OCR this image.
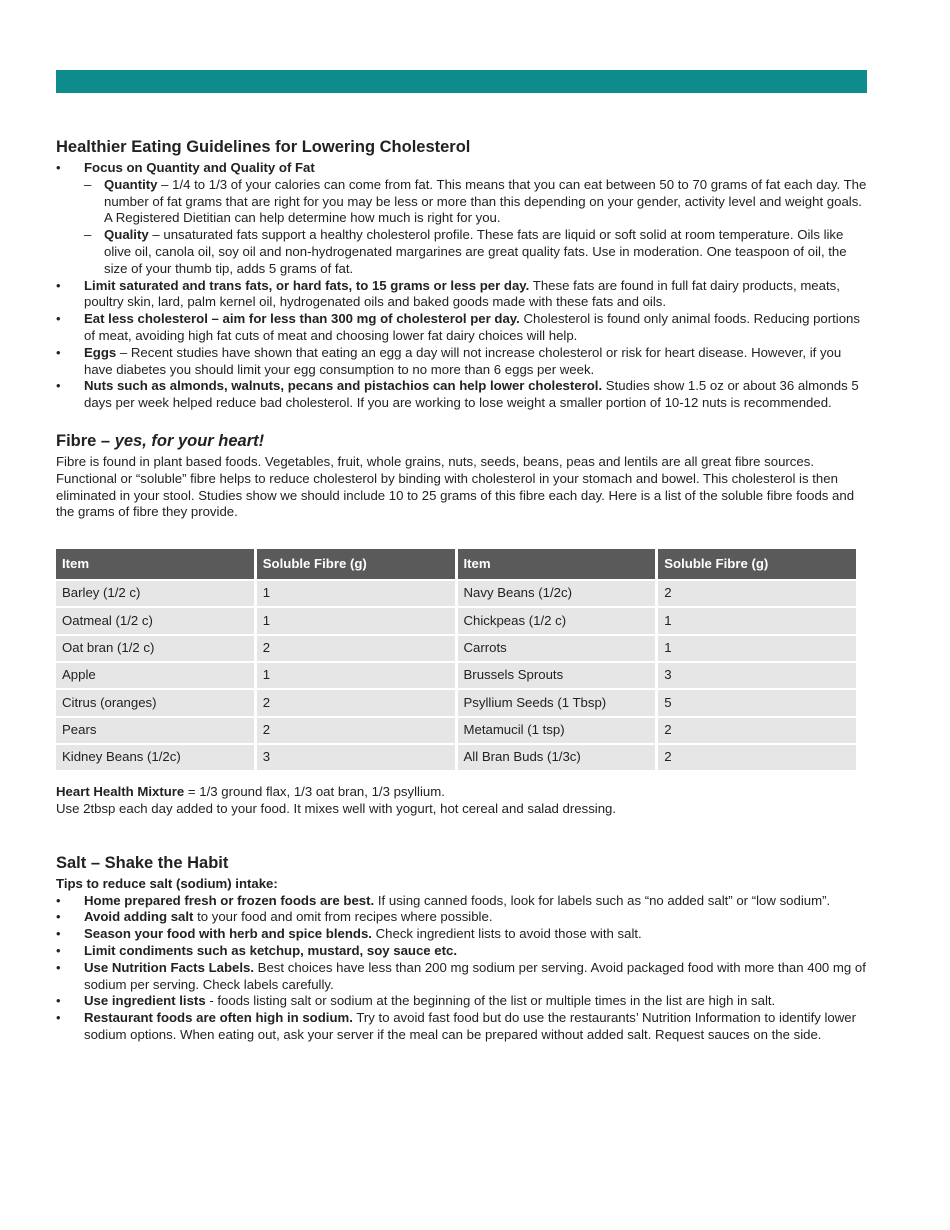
Healthier Eating Guidelines for Lowering Cholesterol
• Focus on Quantity and Quality of Fat
– Quantity – 1/4 to 1/3 of your calories can come from fat. This means that you can eat between 50 to 70 grams of fat each day. The number of fat grams that are right for you may be less or more than this depending on your gender, activity level and weight goals. A Registered Dietitian can help determine how much is right for you.
– Quality – unsaturated fats support a healthy cholesterol profile. These fats are liquid or soft solid at room temperature. Oils like olive oil, canola oil, soy oil and non-hydrogenated margarines are great quality fats. Use in moderation. One teaspoon of oil, the size of your thumb tip, adds 5 grams of fat.
• Limit saturated and trans fats, or hard fats, to 15 grams or less per day. These fats are found in full fat dairy products, meats, poultry skin, lard, palm kernel oil, hydrogenated oils and baked goods made with these fats and oils.
• Eat less cholesterol – aim for less than 300 mg of cholesterol per day. Cholesterol is found only animal foods. Reducing portions of meat, avoiding high fat cuts of meat and choosing lower fat dairy choices will help.
• Eggs – Recent studies have shown that eating an egg a day will not increase cholesterol or risk for heart disease. However, if you have diabetes you should limit your egg consumption to no more than 6 eggs per week.
• Nuts such as almonds, walnuts, pecans and pistachios can help lower cholesterol. Studies show 1.5 oz or about 36 almonds 5 days per week helped reduce bad cholesterol. If you are working to lose weight a smaller portion of 10-12 nuts is recommended.
Fibre – yes, for your heart!

Fibre is found in plant based foods. Vegetables, fruit, whole grains, nuts, seeds, beans, peas and lentils are all great fibre sources. Functional or “soluble” fibre helps to reduce cholesterol by binding with cholesterol in your stomach and bowel. This cholesterol is then eliminated in your stool. Studies show we should include 10 to 25 grams of this fibre each day. Here is a list of the soluble fibre foods and the grams of fibre they provide.

Item	Soluble Fibre (g)	Item	Soluble Fibre (g)
Barley (1/2 c)	1	Navy Beans (1/2c)	2
Oatmeal (1/2 c)	1	Chickpeas (1/2 c)	1
Oat bran (1/2 c)	2	Carrots	1
Apple	1	Brussels Sprouts	3
Citrus (oranges)	2	Psyllium Seeds (1 Tbsp)	5
Pears	2	Metamucil (1 tsp)	2
Kidney Beans (1/2c)	3	All Bran Buds (1/3c)	2

Heart Health Mixture = 1/3 ground flax, 1/3 oat bran, 1/3 psyllium.

Use 2tbsp each day added to your food. It mixes well with yogurt, hot cereal and salad dressing.

Salt – Shake the Habit

Tips to reduce salt (sodium) intake:

• Home prepared fresh or frozen foods are best. If using canned foods, look for labels such as “no added salt” or “low sodium”.
• Avoid adding salt to your food and omit from recipes where possible.
• Season your food with herb and spice blends. Check ingredient lists to avoid those with salt.
• Limit condiments such as ketchup, mustard, soy sauce etc.
• Use Nutrition Facts Labels. Best choices have less than 200 mg sodium per serving. Avoid packaged food with more than 400 mg of sodium per serving. Check labels carefully.
• Use ingredient lists - foods listing salt or sodium at the beginning of the list or multiple times in the list are high in salt.
• Restaurant foods are often high in sodium. Try to avoid fast food but do use the restaurants’ Nutrition Information to identify lower sodium options. When eating out, ask your server if the meal can be prepared without added salt. Request sauces on the side.
